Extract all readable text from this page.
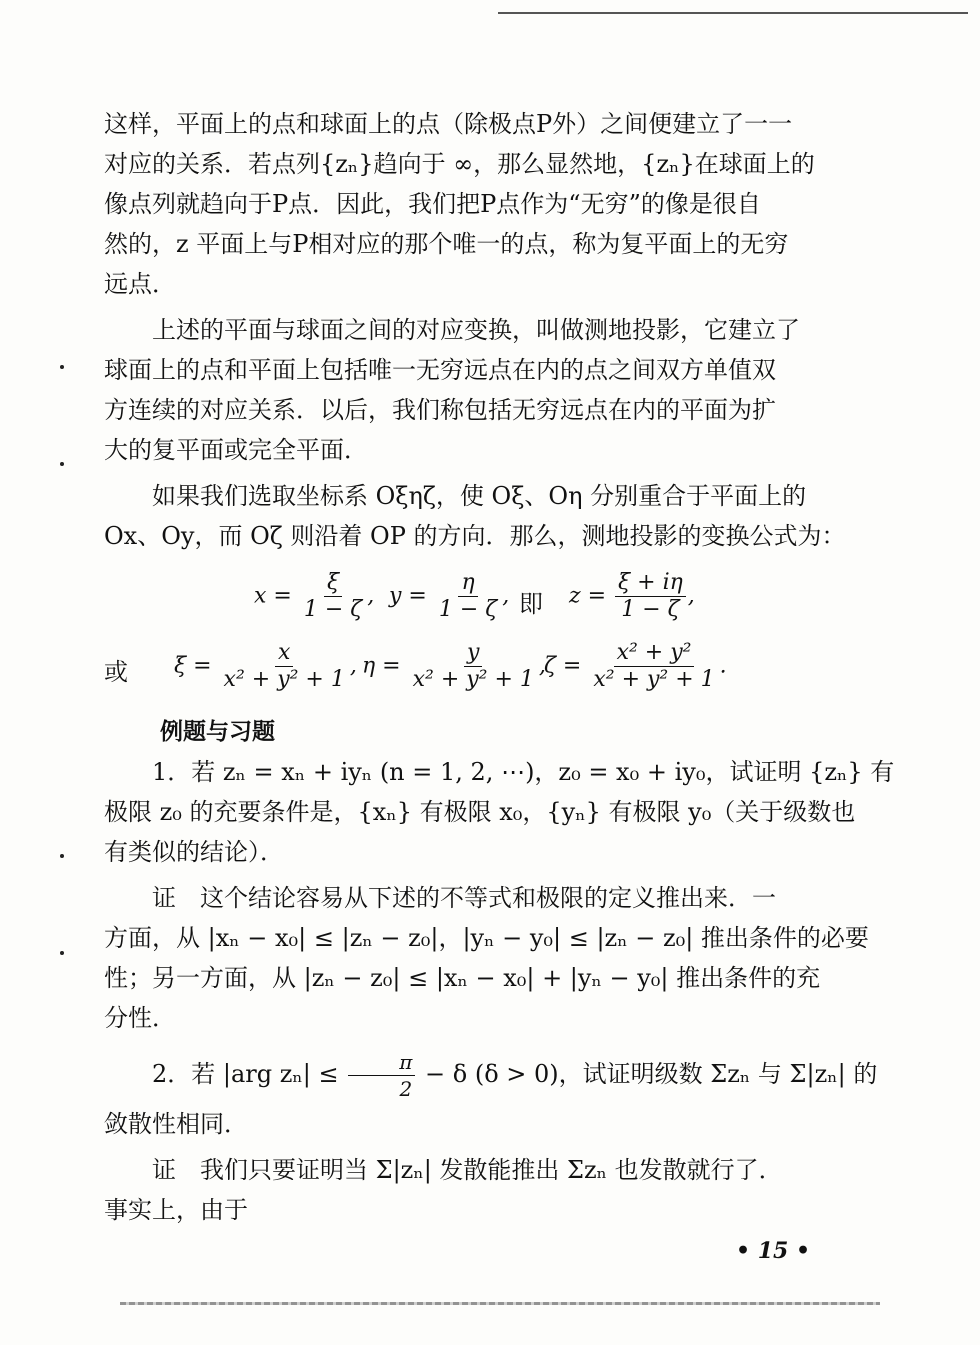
这样，平面上的点和球面上的点（除极点P外）之间便建立了一一

对应的关系．若点列{zₙ}趋向于 ∞，那么显然地，{zₙ}在球面上的

像点列就趋向于P点．因此，我们把P点作为“无穷”的像是很自

然的，z 平面上与P相对应的那个唯一的点，称为复平面上的无穷

远点．

上述的平面与球面之间的对应变换，叫做测地投影，它建立了

球面上的点和平面上包括唯一无穷远点在内的点之间双方单值双

方连续的对应关系．以后，我们称包括无穷远点在内的平面为扩

大的复平面或完全平面．

如果我们选取坐标系 Oξηζ，使 Oξ、Oη 分别重合于平面上的

Ox、Oy，而 Oζ 则沿着 OP 的方向．那么，测地投影的变换公式为：

$x = \frac{\xi}{1 - \zeta}$ , $y = \frac{\eta}{1 - \zeta}$ , 即 $z = \frac{\xi + i\eta}{1 - \zeta}$ ,
或 $\xi = \frac{x}{\text{x² + y² + 1}}$ , $\eta = \frac{y}{\text{x² + y² + 1}}$ ,
$\zeta = \frac{\text{x² + y²}}{\text{x² + y² + 1}}$ .
例题与习题

1．若 zₙ = xₙ + iyₙ (n = 1, 2, ⋯)，z₀ = x₀ + iy₀，试证明 {zₙ} 有

极限 z₀ 的充要条件是，{xₙ} 有极限 x₀，{yₙ} 有极限 y₀（关于级数也

有类似的结论）．

证　这个结论容易从下述的不等式和极限的定义推出来．一

方面，从 |xₙ − x₀| ≤ |zₙ − z₀|，|yₙ − y₀| ≤ |zₙ − z₀| 推出条件的必要

性；另一方面，从 |zₙ − z₀| ≤ |xₙ − x₀| + |yₙ − y₀| 推出条件的充

分性．

2．若 |arg $z_n| \le \frac{\pi}{2} - \delta$ (δ > 0)，试证明级数 Σzₙ 与 Σ|zₙ| 的

敛散性相同．

证　我们只要证明当 Σ|zₙ| 发散能推出 Σzₙ 也发散就行了．

事实上，由于

• 15 •
